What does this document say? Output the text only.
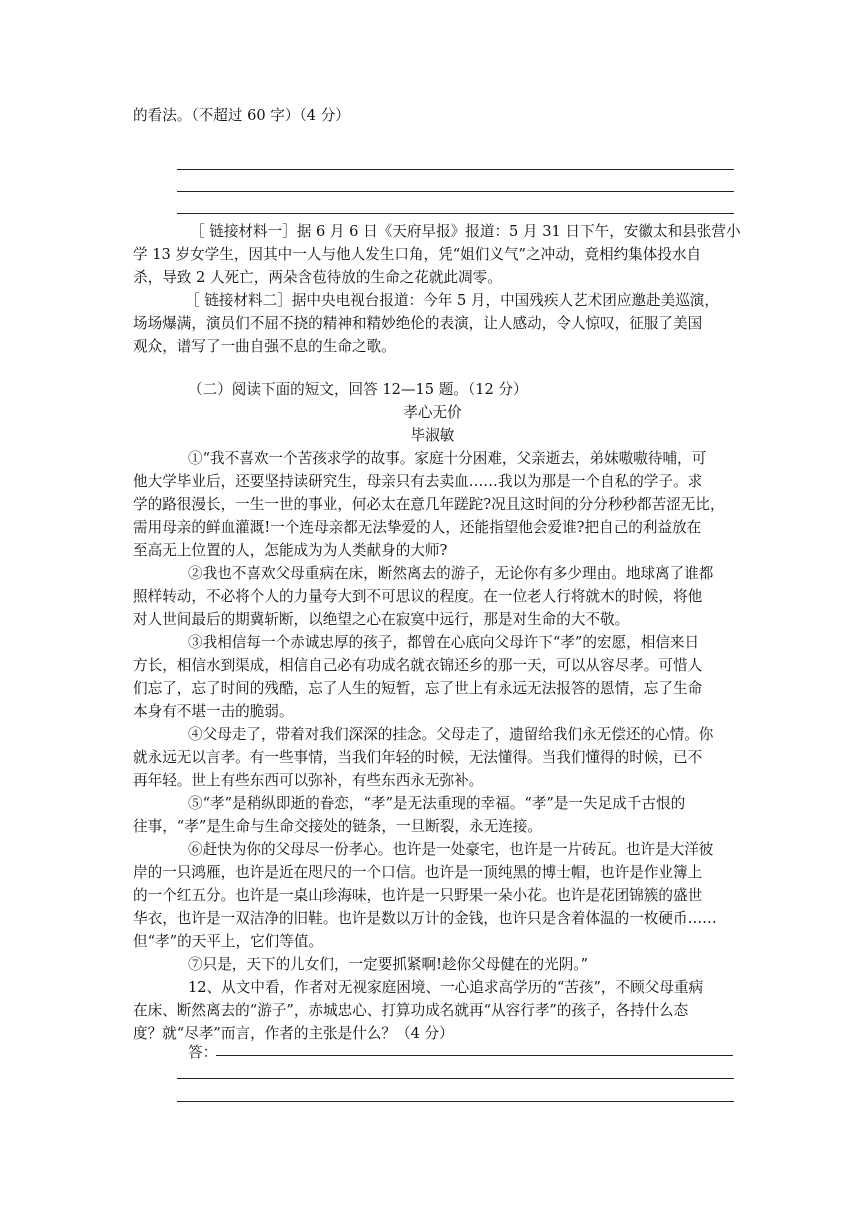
的看法。（不超过 60 字）（4 分）
［ 链接材料一］据 6 月 6 日《天府早报》报道：5 月 31 日下午，安徽太和县张营小
学 13 岁女学生，因其中一人与他人发生口角，凭“姐们义气”之冲动，竟相约集体投水自
杀，导致 2 人死亡，两朵含苞待放的生命之花就此凋零。
［ 链接材料二］据中央电视台报道：今年 5 月，中国残疾人艺术团应邀赴美巡演，
场场爆满，演员们不屈不挠的精神和精妙绝伦的表演，让人感动，令人惊叹，征服了美国
观众，谱写了一曲自强不息的生命之歌。
（二）阅读下面的短文，回答 12—15 题。（12 分）
孝心无价
毕淑敏
①“我不喜欢一个苦孩求学的故事。家庭十分困难，父亲逝去，弟妹嗷嗷待哺，可
他大学毕业后，还要坚持读研究生，母亲只有去卖血……我以为那是一个自私的学子。求
学的路很漫长，一生一世的事业，何必太在意几年蹉跎?况且这时间的分分秒秒都苦涩无比，
需用母亲的鲜血灌溉!一个连母亲都无法挚爱的人，还能指望他会爱谁?把自己的利益放在
至高无上位置的人，怎能成为为人类献身的大师?
②我也不喜欢父母重病在床，断然离去的游子，无论你有多少理由。地球离了谁都
照样转动，不必将个人的力量夸大到不可思议的程度。在一位老人行将就木的时候，将他
对人世间最后的期冀斩断，以绝望之心在寂寞中远行，那是对生命的大不敬。
③我相信每一个赤诚忠厚的孩子，都曾在心底向父母许下“孝”的宏愿，相信来日
方长，相信水到渠成，相信自己必有功成名就衣锦还乡的那一天，可以从容尽孝。可惜人
们忘了，忘了时间的残酷，忘了人生的短暂，忘了世上有永远无法报答的恩情，忘了生命
本身有不堪一击的脆弱。
④父母走了，带着对我们深深的挂念。父母走了，遗留给我们永无偿还的心情。你
就永远无以言孝。有一些事情，当我们年轻的时候，无法懂得。当我们懂得的时候，已不
再年轻。世上有些东西可以弥补，有些东西永无弥补。
⑤“孝”是稍纵即逝的眷恋，“孝”是无法重现的幸福。“孝”是一失足成千古恨的
往事，“孝”是生命与生命交接处的链条，一旦断裂，永无连接。
⑥赶快为你的父母尽一份孝心。也许是一处豪宅，也许是一片砖瓦。也许是大洋彼
岸的一只鸿雁，也许是近在咫尺的一个口信。也许是一顶纯黑的博士帽，也许是作业簿上
的一个红五分。也许是一桌山珍海味，也许是一只野果一朵小花。也许是花团锦簇的盛世
华衣，也许是一双洁净的旧鞋。也许是数以万计的金钱，也许只是含着体温的一枚硬币……
但“孝”的天平上，它们等值。
⑦只是，天下的儿女们，一定要抓紧啊!趁你父母健在的光阴。”
12、从文中看，作者对无视家庭困境、一心追求高学历的“苦孩”，不顾父母重病
在床、断然离去的“游子”，赤城忠心、打算功成名就再“从容行孝”的孩子，各持什么态
度？就“尽孝”而言，作者的主张是什么？（4 分）
答：
